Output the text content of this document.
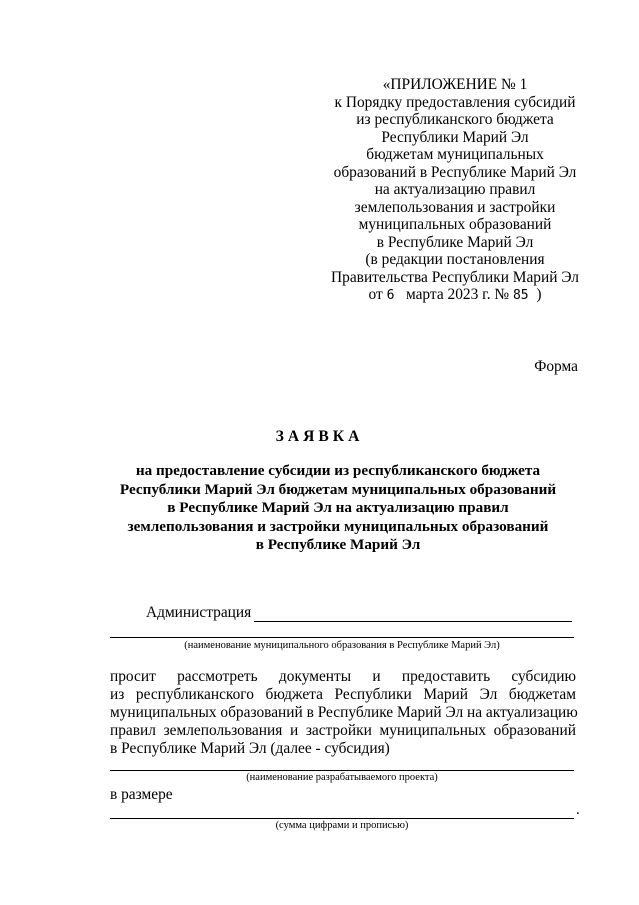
«ПРИЛОЖЕНИЕ № 1
к Порядку предоставления субсидий
из республиканского бюджета
Республики Марий Эл
бюджетам муниципальных
образований в Республике Марий Эл
на актуализацию правил
землепользования и застройки
муниципальных образований
в Республике Марий Эл
(в редакции постановления
Правительства Республики Марий Эл
от 6 марта 2023 г. № 85 )
Форма
ЗАЯВКА
на предоставление субсидии из республиканского бюджета
Республики Марий Эл бюджетам муниципальных образований
в Республике Марий Эл на актуализацию правил
землепользования и застройки муниципальных образований
в Республике Марий Эл
Администрация
(наименование муниципального образования в Республике Марий Эл)
просит рассмотреть документы и предоставить субсидию
из республиканского бюджета Республики Марий Эл бюджетам
муниципальных образований в Республике Марий Эл на актуализацию
правил землепользования и застройки муниципальных образований
в Республике Марий Эл (далее - субсидия)
(наименование разрабатываемого проекта)
в размере
.
(сумма цифрами и прописью)
